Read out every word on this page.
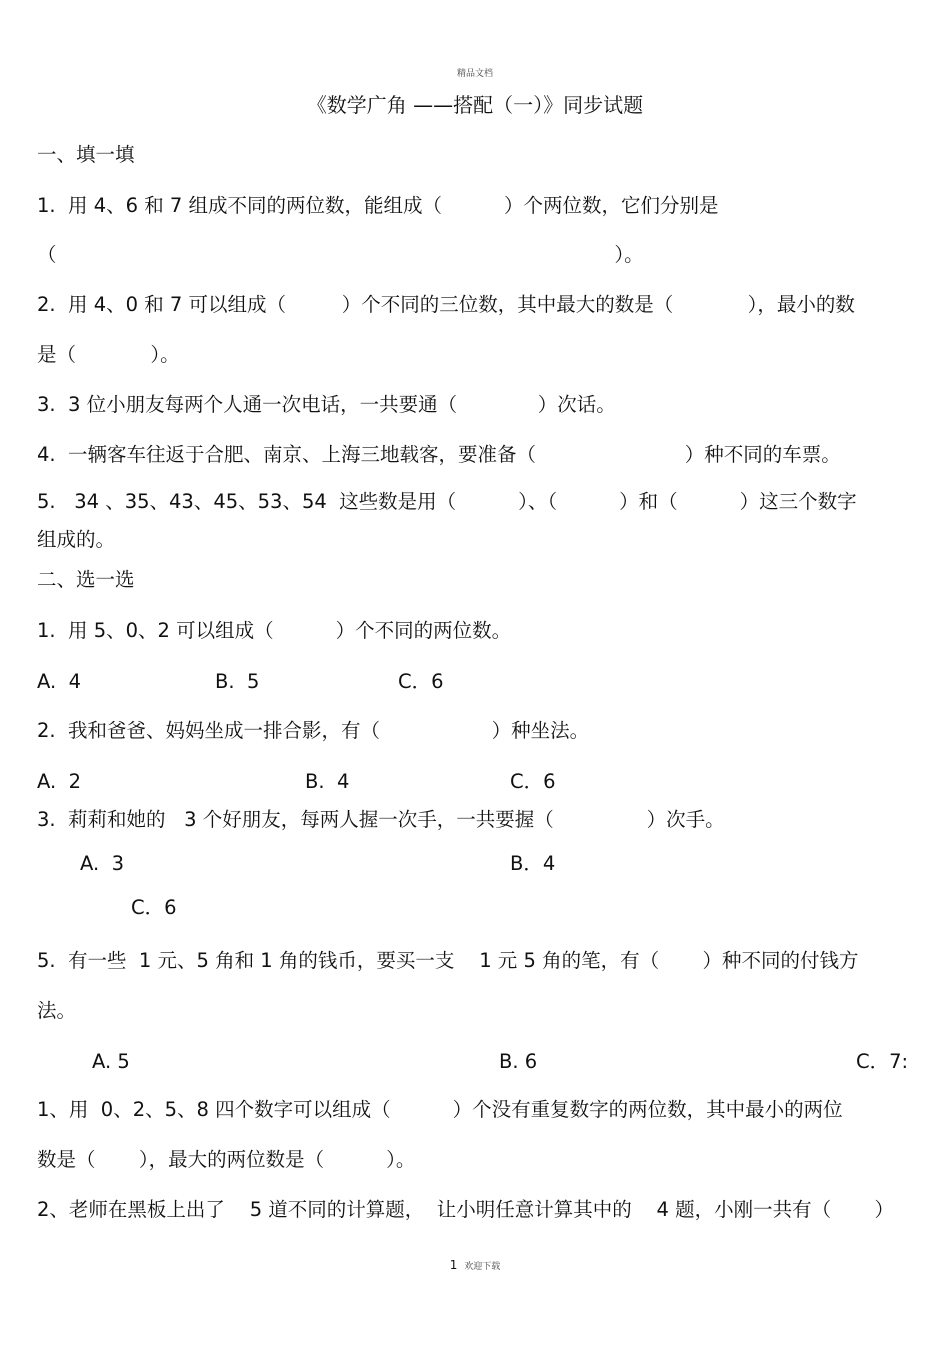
精品文档
《数学广角 ——搭配（一）》同步试题
一、填一填
1.  用 4、6 和 7 组成不同的两位数，能组成（          ）个两位数，它们分别是
（                                                                                          ）。
2.  用 4、0 和 7 可以组成（         ）个不同的三位数，其中最大的数是（            ），最小的数
是（            ）。
3.  3 位小朋友每两个人通一次电话，一共要通（             ）次话。
4.  一辆客车往返于合肥、南京、上海三地载客，要准备（                        ）种不同的车票。
5.   34 、35、43、45、53、54  这些数是用（          ）、（          ）和（          ）这三个数字
组成的。
二、选一选
1.  用 5、0、2 可以组成（          ）个不同的两位数。
A.  4	B.  5	C．6
2.  我和爸爸、妈妈坐成一排合影，有（                  ）种坐法。
A.  2	B.  4	C．6
3.  莉莉和她的   3 个好朋友，每两人握一次手，一共要握（               ）次手。
A.  3	B．4
C．6
5.  有一些  1 元、5 角和 1 角的钱币，要买一支    1 元 5 角的笔，有（       ）种不同的付钱方
法。
A. 5	B. 6	C．7:
1、用  0、2、5、8 四个数字可以组成（          ）个没有重复数字的两位数，其中最小的两位
数是（       ），最大的两位数是（          ）。
2、老师在黑板上出了    5 道不同的计算题，  让小明任意计算其中的    4 题，小刚一共有（       ）
1 欢迎下载
